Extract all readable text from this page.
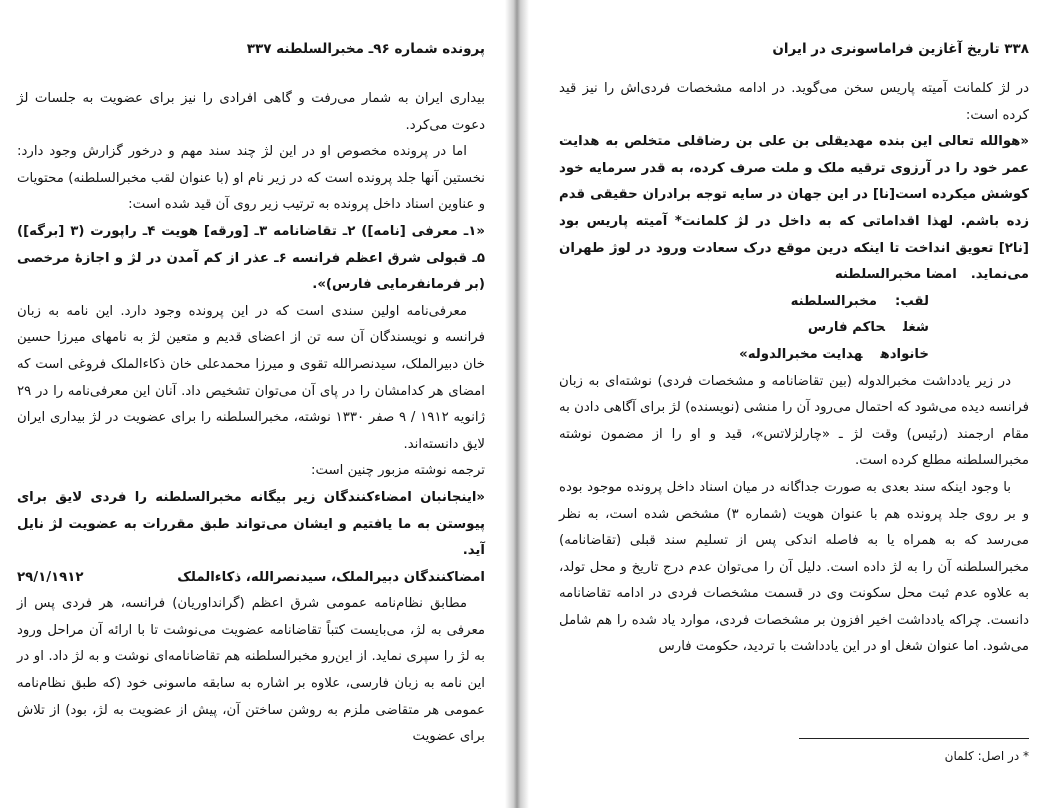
پرونده شماره ۹۶ـ مخبرالسلطنه ۳۳۷

بیداری ایران به شمار می‌رفت و گاهی افرادی را نیز برای عضویت به جلسات لژ دعوت می‌کرد.

اما در پرونده مخصوص او در این لژ چند سند مهم و درخور گزارش وجود دارد: نخستین آنها جلد پرونده است که در زیر نام او (با عنوان لقب مخبرالسلطنه) محتویات و عناوین اسناد داخل پرونده به ترتیب زیر روی آن قید شده است:

«۱ـ معرفی [نامه]) ۲ـ تقاضانامه ۳ـ [ورقه] هویت ۴ـ راپورت (۳ [برگه]) ۵ـ قبولی شرق اعظم فرانسه ۶ـ عذر از کم آمدن در لژ و اجازهٔ مرخصی (بر فرمانفرمایی فارس)».

معرفی‌نامه اولین سندی است که در این پرونده وجود دارد. این نامه به زبان فرانسه و نویسندگان آن سه تن از اعضای قدیم و متعین لژ به نامهای میرزا حسین خان دبیرالملک، سیدنصرالله تقوی و میرزا محمدعلی خان ذکاءالملک فروغی است که امضای هر کدامشان را در پای آن می‌توان تشخیص داد. آنان این معرفی‌نامه را در ۲۹ ژانویه ۱۹۱۲ / ۹ صفر ۱۳۳۰ نوشته، مخبرالسلطنه را برای عضویت در لژ بیداری ایران لایق دانسته‌اند.

ترجمه نوشته مزبور چنین است:

«اینجانبان امضاءکنندگان زیر بیگانه مخبرالسلطنه را فردی لایق برای پیوستن به ما یافتیم و ایشان می‌تواند طبق مقررات به عضویت لژ نایل آید.

امضاکنندگان دبیرالملک، سیدنصرالله، ذکاءالملک
۲۹/۱/۱۹۱۲

مطابق نظام‌نامه عمومی شرق اعظم (گراند‌اوریان) فرانسه، هر فردی پس از معرفی به لژ، می‌بایست کتباً تقاضانامه عضویت می‌نوشت تا با ارائه آن مراحل ورود به لژ را سپری نماید. از این‌رو مخبرالسلطنه هم تقاضانامه‌ای نوشت و به لژ داد. او در این نامه به زبان فارسی، علاوه بر اشاره به سابقه ماسونی خود (که طبق نظام‌نامه عمومی هر متقاضی ملزم به روشن ساختن آن، پیش از عضویت به لژ، بود) از تلاش برای عضویت

۳۳۸ تاریخ آغازین فراماسونری در ایران

در لژ کلمانت آمیته پاریس سخن می‌گوید. در ادامه مشخصات فردی‌اش را نیز قید کرده است:

«هوالله تعالی این بنده مهدیقلی بن علی بن رضاقلی متخلص به هدایت عمر خود را در آرزوی ترقیه ملک و ملت صرف کرده، به قدر سرمایه خود کوشش میکرده است[نا] در این جهان در سایه توجه برادران حقیقی قدم زده باشم. لهذا اقداماتی که به داخل در لژ کلمانت* آمیته پاریس بود [نا۲] تعویق انداخت تا اینکه درین موقع درک سعادت ورود در لوژ طهران می‌نماید.   امضا مخبرالسلطنه

لقب:مخبرالسلطنه

شغلحاکم فارس

خانوادههدایت مخبرالدوله»

در زیر یادداشت مخبرالدوله (بین تقاضانامه و مشخصات فردی) نوشته‌ای به زبان فرانسه دیده می‌شود که احتمال می‌رود آن را منشی (نویسنده) لژ برای آگاهی دادن به مقام ارجمند (رئیس) وقت لژ ـ «چارلزلاتس»، قید و او را از مضمون نوشته مخبرالسلطنه مطلع کرده است.

با وجود اینکه سند بعدی به صورت جداگانه در میان اسناد داخل پرونده موجود بوده و بر روی جلد پرونده هم با عنوان هویت (شماره ۳) مشخص شده است، به نظر می‌رسد که به همراه یا به فاصله اندکی پس از تسلیم سند قبلی (تقاضانامه) مخبرالسلطنه آن را به لژ داده است. دلیل آن را می‌توان عدم درج تاریخ و محل تولد، به علاوه عدم ثبت محل سکونت وی در قسمت مشخصات فردی در ادامه تقاضانامه دانست. چراکه یادداشت اخیر افزون بر مشخصات فردی، موارد یاد شده را هم شامل می‌شود. اما عنوان شغل او در این یادداشت با تردید، حکومت فارس

* در اصل: کلمان
